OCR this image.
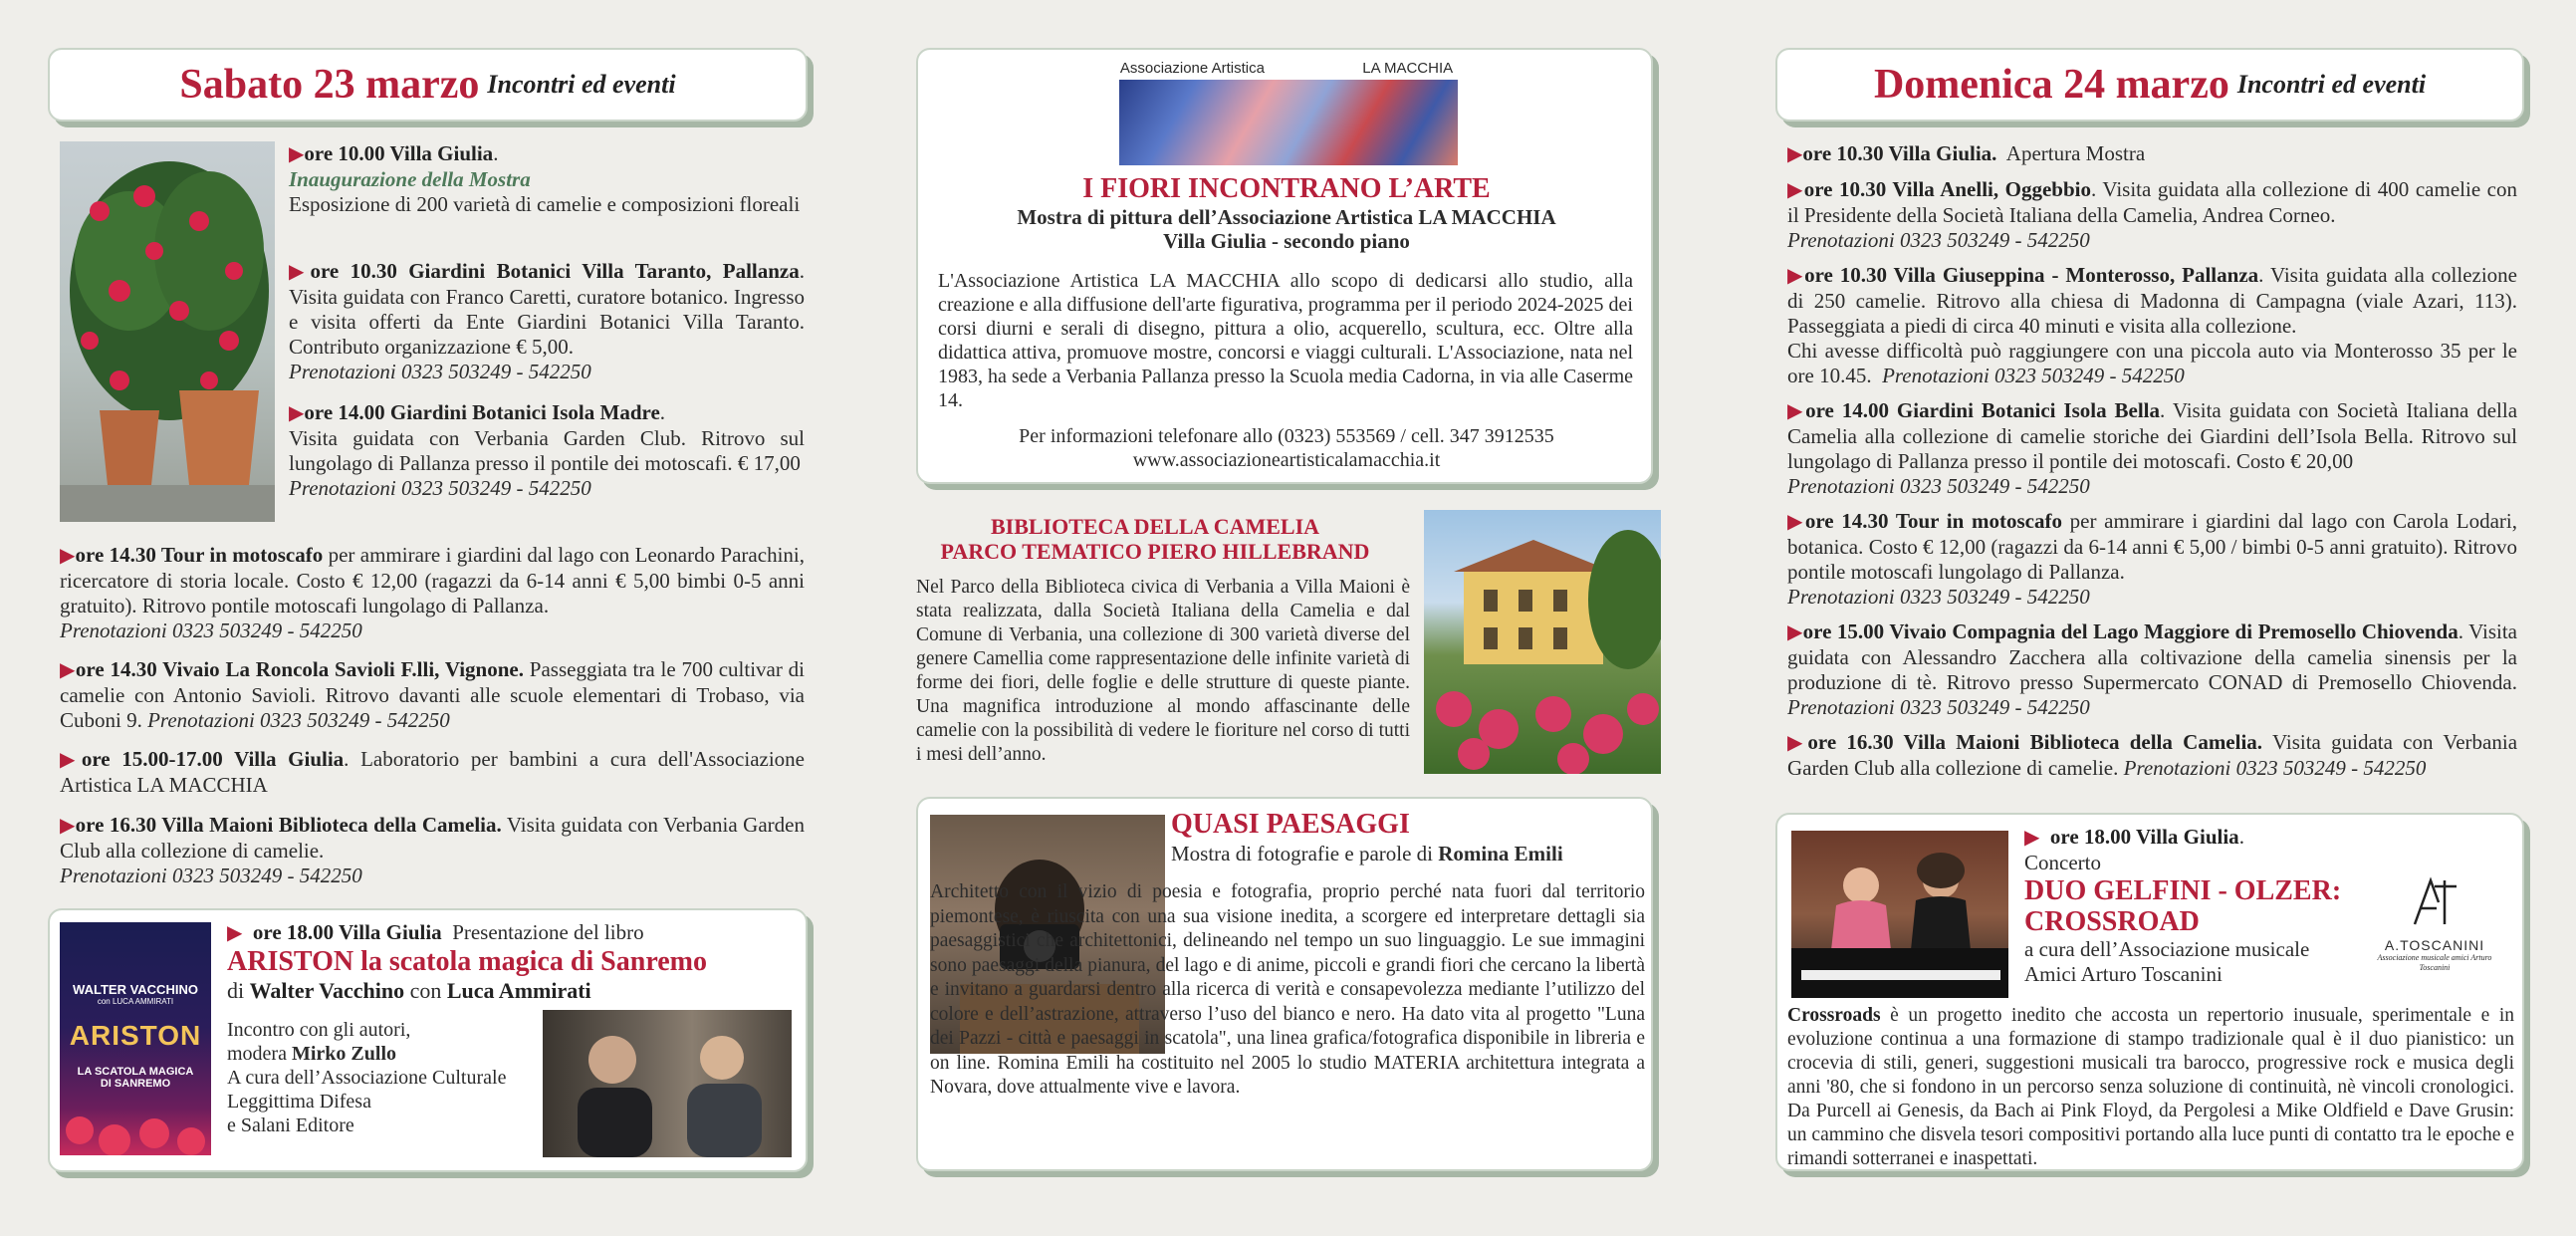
Sabato 23 marzo Incontri ed eventi

▶ore 10.00 Villa Giulia.
Inaugurazione della Mostra
Esposizione di 200 varietà di camelie e composizioni floreali

▶ore 10.30 Giardini Botanici Villa Taranto, Pallanza. Visita guidata con Franco Caretti, curatore botanico. Ingresso e visita offerti da Ente Giardini Botanici Villa Taranto. Contributo organizzazione € 5,00.
Prenotazioni 0323 503249 - 542250

▶ore 14.00 Giardini Botanici Isola Madre.
Visita guidata con Verbania Garden Club. Ritrovo sul lungolago di Pallanza presso il pontile dei motoscafi. € 17,00
Prenotazioni 0323 503249 - 542250

▶ore 14.30 Tour in motoscafo per ammirare i giardini dal lago con Leonardo Parachini, ricercatore di storia locale. Costo € 12,00 (ragazzi da 6-14 anni € 5,00 bimbi 0-5 anni gratuito). Ritrovo pontile motoscafi lungolago di Pallanza.
Prenotazioni 0323 503249 - 542250

▶ore 14.30 Vivaio La Roncola Savioli F.lli, Vignone. Passeggiata tra le 700 cultivar di camelie con Antonio Savioli. Ritrovo davanti alle scuole elementari di Trobaso, via Cuboni 9. Prenotazioni 0323 503249 - 542250

▶ore 15.00-17.00 Villa Giulia. Laboratorio per bambini a cura dell'Associazione Artistica LA MACCHIA

▶ore 16.30 Villa Maioni Biblioteca della Camelia. Visita guidata con Verbania Garden Club alla collezione di camelie.
Prenotazioni 0323 503249 - 542250

WALTER VACCHINO
con LUCA AMMIRATI
ARISTON
LA SCATOLA MAGICA
DI SANREMO
▶ ore 18.00 Villa Giulia Presentazione del libro
ARISTON la scatola magica di Sanremo
di Walter Vacchino con Luca Ammirati
Incontro con gli autori,
modera Mirko Zullo
A cura dell’Associazione Culturale
Leggittima Difesa
e Salani Editore
Associazione Artistica	LA MACCHIA
I FIORI INCONTRANO L’ARTE
Mostra di pittura dell’Associazione Artistica LA MACCHIA
Villa Giulia - secondo piano

L'Associazione Artistica LA MACCHIA allo scopo di dedicarsi allo studio, alla creazione e alla diffusione dell'arte figurativa, programma per il periodo 2024-2025 dei corsi diurni e serali di disegno, pittura a olio, acquerello, scultura, ecc. Oltre alla didattica attiva, promuove mostre, concorsi e viaggi culturali. L'Associazione, nata nel 1983, ha sede a Verbania Pallanza presso la Scuola media Cadorna, in via alle Caserme 14.

Per informazioni telefonare allo (0323) 553569 / cell. 347 3912535
www.associazioneartisticalamacchia.it
BIBLIOTECA DELLA CAMELIA
PARCO TEMATICO PIERO HILLEBRAND

Nel Parco della Biblioteca civica di Verbania a Villa Maioni è stata realizzata, dalla Società Italiana della Camelia e dal Comune di Verbania, una collezione di 300 varietà diverse del genere Camellia come rappresentazione delle infinite varietà di forme dei fiori, delle foglie e delle strutture di queste piante. Una magnifica introduzione al mondo affascinante delle camelie con la possibilità di vedere le fioriture nel corso di tutti i mesi dell’anno.

QUASI PAESAGGI
Mostra di fotografie e parole di Romina Emili

Architetto con il vizio di poesia e fotografia, proprio perché nata fuori dal territorio piemontese, è riuscita con una sua visione inedita, a scorgere ed interpretare dettagli sia paesaggistici che architettonici, delineando nel tempo un suo linguaggio. Le sue immagini sono paesaggi della pianura, del lago e di anime, piccoli e grandi fiori che cercano la libertà e invitano a guardarsi dentro alla ricerca di verità e consapevolezza mediante l’utilizzo del colore e dell’astrazione, attraverso l’uso del bianco e nero. Ha dato vita al progetto "Luna dei Pazzi - città e paesaggi in scatola", una linea grafica/fotografica disponibile in libreria e on line. Romina Emili ha costituito nel 2005 lo studio MATERIA architettura integrata a Novara, dove attualmente vive e lavora.

Domenica 24 marzo Incontri ed eventi

▶ore 10.30 Villa Giulia. Apertura Mostra

▶ore 10.30 Villa Anelli, Oggebbio. Visita guidata alla collezione di 400 camelie con il Presidente della Società Italiana della Camelia, Andrea Corneo.
Prenotazioni 0323 503249 - 542250

▶ore 10.30 Villa Giuseppina - Monterosso, Pallanza. Visita guidata alla collezione di 250 camelie. Ritrovo alla chiesa di Madonna di Campagna (viale Azari, 113). Passeggiata a piedi di circa 40 minuti e visita alla collezione.
Chi avesse difficoltà può raggiungere con una piccola auto via Monterosso 35 per le ore 10.45. Prenotazioni 0323 503249 - 542250

▶ore 14.00 Giardini Botanici Isola Bella. Visita guidata con Società Italiana della Camelia alla collezione di camelie storiche dei Giardini dell’Isola Bella. Ritrovo sul lungolago di Pallanza presso il pontile dei motoscafi. Costo € 20,00
Prenotazioni 0323 503249 - 542250

▶ore 14.30 Tour in motoscafo per ammirare i giardini dal lago con Carola Lodari, botanica. Costo € 12,00 (ragazzi da 6-14 anni € 5,00 / bimbi 0-5 anni gratuito). Ritrovo pontile motoscafi lungolago di Pallanza.
Prenotazioni 0323 503249 - 542250

▶ore 15.00 Vivaio Compagnia del Lago Maggiore di Premosello Chiovenda. Visita guidata con Alessandro Zacchera alla coltivazione della camelia sinensis per la produzione di tè. Ritrovo presso Supermercato CONAD di Premosello Chiovenda. Prenotazioni 0323 503249 - 542250

▶ore 16.30 Villa Maioni Biblioteca della Camelia. Visita guidata con Verbania Garden Club alla collezione di camelie. Prenotazioni 0323 503249 - 542250

▶ ore 18.00 Villa Giulia.
Concerto
DUO GELFINI - OLZER:
CROSSROAD
a cura dell’Associazione musicale
Amici Arturo Toscanini
A.TOSCANINI
Associazione musicale amici Arturo Toscanini

Crossroads è un progetto inedito che accosta un repertorio inusuale, sperimentale e in evoluzione continua a una formazione di stampo tradizionale qual è il duo pianistico: un crocevia di stili, generi, suggestioni musicali tra barocco, progressive rock e musica degli anni '80, che si fondono in un percorso senza soluzione di continuità, nè vincoli cronologici. Da Purcell ai Genesis, da Bach ai Pink Floyd, da Pergolesi a Mike Oldfield e Dave Grusin: un cammino che disvela tesori compositivi portando alla luce punti di contatto tra le epoche e rimandi sotterranei e inaspettati.
